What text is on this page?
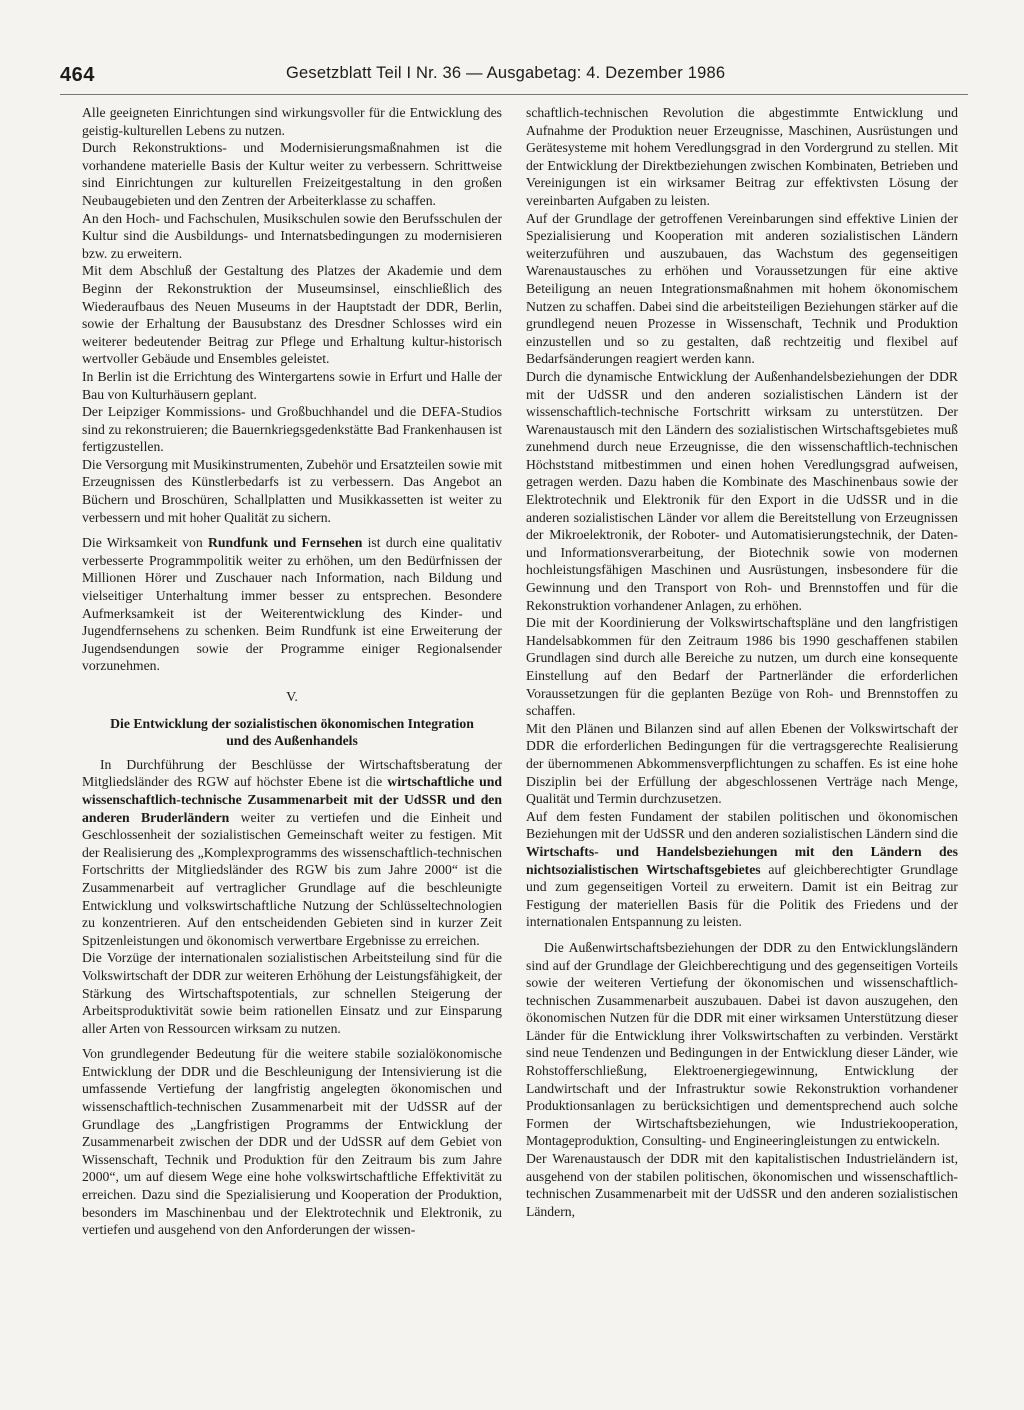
464	Gesetzblatt Teil I Nr. 36 — Ausgabetag: 4. Dezember 1986

Alle geeigneten Einrichtungen sind wirkungsvoller für die Entwicklung des geistig-kulturellen Lebens zu nutzen.

Durch Rekonstruktions- und Modernisierungsmaßnahmen ist die vorhandene materielle Basis der Kultur weiter zu verbessern. Schrittweise sind Einrichtungen zur kulturellen Freizeitgestaltung in den großen Neubaugebieten und den Zentren der Arbeiterklasse zu schaffen.

An den Hoch- und Fachschulen, Musikschulen sowie den Berufsschulen der Kultur sind die Ausbildungs- und Internatsbedingungen zu modernisieren bzw. zu erweitern.

Mit dem Abschluß der Gestaltung des Platzes der Akademie und dem Beginn der Rekonstruktion der Museumsinsel, einschließlich des Wiederaufbaus des Neuen Museums in der Hauptstadt der DDR, Berlin, sowie der Erhaltung der Bausubstanz des Dresdner Schlosses wird ein weiterer bedeutender Beitrag zur Pflege und Erhaltung kultur-historisch wertvoller Gebäude und Ensembles geleistet.

In Berlin ist die Errichtung des Wintergartens sowie in Erfurt und Halle der Bau von Kulturhäusern geplant.

Der Leipziger Kommissions- und Großbuchhandel und die DEFA-Studios sind zu rekonstruieren; die Bauernkriegsgedenkstätte Bad Frankenhausen ist fertigzustellen.

Die Versorgung mit Musikinstrumenten, Zubehör und Ersatzteilen sowie mit Erzeugnissen des Künstlerbedarfs ist zu verbessern. Das Angebot an Büchern und Broschüren, Schallplatten und Musikkassetten ist weiter zu verbessern und mit hoher Qualität zu sichern.

Die Wirksamkeit von Rundfunk und Fernsehen ist durch eine qualitativ verbesserte Programmpolitik weiter zu erhöhen, um den Bedürfnissen der Millionen Hörer und Zuschauer nach Information, nach Bildung und vielseitiger Unterhaltung immer besser zu entsprechen. Besondere Aufmerksamkeit ist der Weiterentwicklung des Kinder- und Jugendfernsehens zu schenken. Beim Rundfunk ist eine Erweiterung der Jugendsendungen sowie der Programme einiger Regionalsender vorzunehmen.

V.
Die Entwicklung der sozialistischen ökonomischen Integration
und des Außenhandels

In Durchführung der Beschlüsse der Wirtschaftsberatung der Mitgliedsländer des RGW auf höchster Ebene ist die wirtschaftliche und wissenschaftlich-technische Zusammenarbeit mit der UdSSR und den anderen Bruderländern weiter zu vertiefen und die Einheit und Geschlossenheit der sozialistischen Gemeinschaft weiter zu festigen. Mit der Realisierung des „Komplexprogramms des wissenschaftlich-technischen Fortschritts der Mitgliedsländer des RGW bis zum Jahre 2000“ ist die Zusammenarbeit auf vertraglicher Grundlage auf die beschleunigte Entwicklung und volkswirtschaftliche Nutzung der Schlüsseltechnologien zu konzentrieren. Auf den entscheidenden Gebieten sind in kurzer Zeit Spitzenleistungen und ökonomisch verwertbare Ergebnisse zu erreichen.

Die Vorzüge der internationalen sozialistischen Arbeitsteilung sind für die Volkswirtschaft der DDR zur weiteren Erhöhung der Leistungsfähigkeit, der Stärkung des Wirtschaftspotentials, zur schnellen Steigerung der Arbeitsproduktivität sowie beim rationellen Einsatz und zur Einsparung aller Arten von Ressourcen wirksam zu nutzen.

Von grundlegender Bedeutung für die weitere stabile sozialökonomische Entwicklung der DDR und die Beschleunigung der Intensivierung ist die umfassende Vertiefung der langfristig angelegten ökonomischen und wissenschaftlich-technischen Zusammenarbeit mit der UdSSR auf der Grundlage des „Langfristigen Programms der Entwicklung der Zusammenarbeit zwischen der DDR und der UdSSR auf dem Gebiet von Wissenschaft, Technik und Produktion für den Zeitraum bis zum Jahre 2000“, um auf diesem Wege eine hohe volkswirtschaftliche Effektivität zu erreichen. Dazu sind die Spezialisierung und Kooperation der Produktion, besonders im Maschinenbau und der Elektrotechnik und Elektronik, zu vertiefen und ausgehend von den Anforderungen der wissen-

schaftlich-technischen Revolution die abgestimmte Entwicklung und Aufnahme der Produktion neuer Erzeugnisse, Maschinen, Ausrüstungen und Gerätesysteme mit hohem Veredlungsgrad in den Vordergrund zu stellen. Mit der Entwicklung der Direktbeziehungen zwischen Kombinaten, Betrieben und Vereinigungen ist ein wirksamer Beitrag zur effektivsten Lösung der vereinbarten Aufgaben zu leisten.

Auf der Grundlage der getroffenen Vereinbarungen sind effektive Linien der Spezialisierung und Kooperation mit anderen sozialistischen Ländern weiterzuführen und auszubauen, das Wachstum des gegenseitigen Warenaustausches zu erhöhen und Voraussetzungen für eine aktive Beteiligung an neuen Integrationsmaßnahmen mit hohem ökonomischem Nutzen zu schaffen. Dabei sind die arbeitsteiligen Beziehungen stärker auf die grundlegend neuen Prozesse in Wissenschaft, Technik und Produktion einzustellen und so zu gestalten, daß rechtzeitig und flexibel auf Bedarfsänderungen reagiert werden kann.

Durch die dynamische Entwicklung der Außenhandelsbeziehungen der DDR mit der UdSSR und den anderen sozialistischen Ländern ist der wissenschaftlich-technische Fortschritt wirksam zu unterstützen. Der Warenaustausch mit den Ländern des sozialistischen Wirtschaftsgebietes muß zunehmend durch neue Erzeugnisse, die den wissenschaftlich-technischen Höchststand mitbestimmen und einen hohen Veredlungsgrad aufweisen, getragen werden. Dazu haben die Kombinate des Maschinenbaus sowie der Elektrotechnik und Elektronik für den Export in die UdSSR und in die anderen sozialistischen Länder vor allem die Bereitstellung von Erzeugnissen der Mikroelektronik, der Roboter- und Automatisierungstechnik, der Daten- und Informationsverarbeitung, der Biotechnik sowie von modernen hochleistungsfähigen Maschinen und Ausrüstungen, insbesondere für die Gewinnung und den Transport von Roh- und Brennstoffen und für die Rekonstruktion vorhandener Anlagen, zu erhöhen.

Die mit der Koordinierung der Volkswirtschaftspläne und den langfristigen Handelsabkommen für den Zeitraum 1986 bis 1990 geschaffenen stabilen Grundlagen sind durch alle Bereiche zu nutzen, um durch eine konsequente Einstellung auf den Bedarf der Partnerländer die erforderlichen Voraussetzungen für die geplanten Bezüge von Roh- und Brennstoffen zu schaffen.

Mit den Plänen und Bilanzen sind auf allen Ebenen der Volkswirtschaft der DDR die erforderlichen Bedingungen für die vertragsgerechte Realisierung der übernommenen Abkommensverpflichtungen zu schaffen. Es ist eine hohe Disziplin bei der Erfüllung der abgeschlossenen Verträge nach Menge, Qualität und Termin durchzusetzen.

Auf dem festen Fundament der stabilen politischen und ökonomischen Beziehungen mit der UdSSR und den anderen sozialistischen Ländern sind die Wirtschafts- und Handelsbeziehungen mit den Ländern des nichtsozialistischen Wirtschaftsgebietes auf gleichberechtigter Grundlage und zum gegenseitigen Vorteil zu erweitern. Damit ist ein Beitrag zur Festigung der materiellen Basis für die Politik des Friedens und der internationalen Entspannung zu leisten.

Die Außenwirtschaftsbeziehungen der DDR zu den Entwicklungsländern sind auf der Grundlage der Gleichberechtigung und des gegenseitigen Vorteils sowie der weiteren Vertiefung der ökonomischen und wissenschaftlich-technischen Zusammenarbeit auszubauen. Dabei ist davon auszugehen, den ökonomischen Nutzen für die DDR mit einer wirksamen Unterstützung dieser Länder für die Entwicklung ihrer Volkswirtschaften zu verbinden. Verstärkt sind neue Tendenzen und Bedingungen in der Entwicklung dieser Länder, wie Rohstofferschließung, Elektroenergiegewinnung, Entwicklung der Landwirtschaft und der Infrastruktur sowie Rekonstruktion vorhandener Produktionsanlagen zu berücksichtigen und dementsprechend auch solche Formen der Wirtschaftsbeziehungen, wie Industriekooperation, Montageproduktion, Consulting- und Engineeringleistungen zu entwickeln.

Der Warenaustausch der DDR mit den kapitalistischen Industrieländern ist, ausgehend von der stabilen politischen, ökonomischen und wissenschaftlich-technischen Zusammenarbeit mit der UdSSR und den anderen sozialistischen Ländern,
